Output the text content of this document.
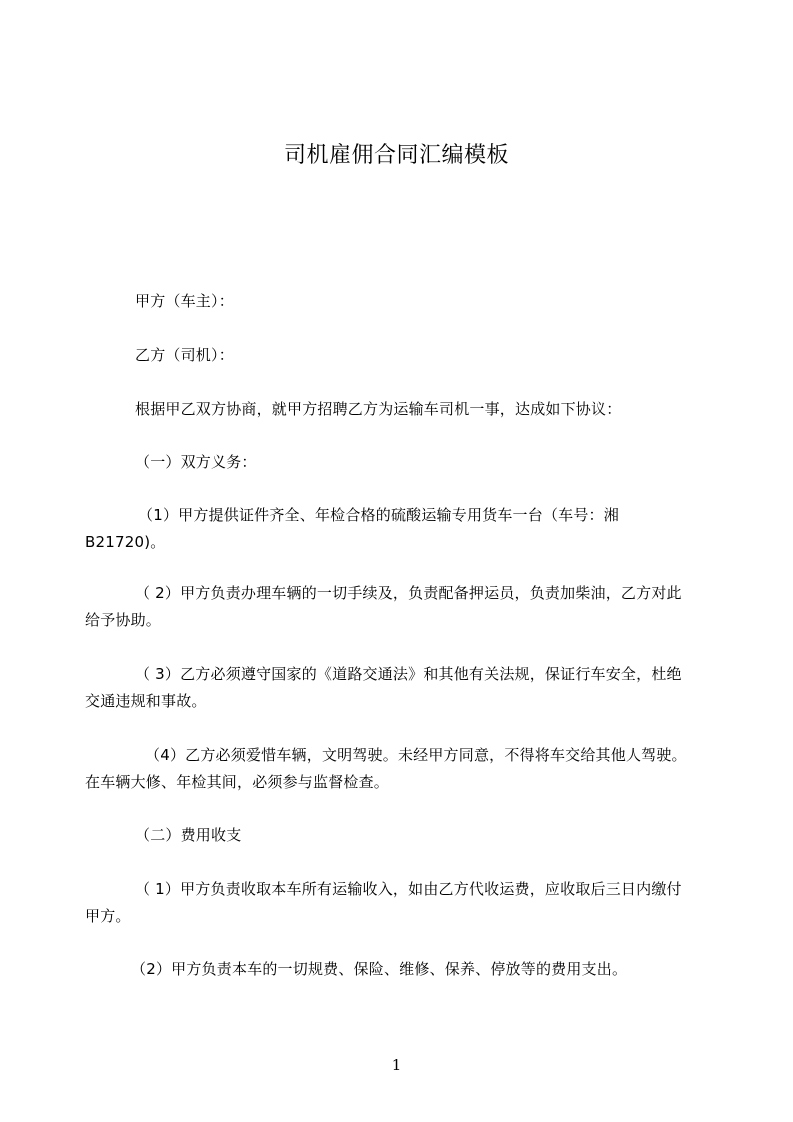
司机雇佣合同汇编模板
甲方（车主）：
乙方（司机）：
根据甲乙双方协商，就甲方招聘乙方为运输车司机一事，达成如下协议：
（一）双方义务：
（1）甲方提供证件齐全、年检合格的硫酸运输专用货车一台（车号：湘
B21720)。
（ 2）甲方负责办理车辆的一切手续及，负责配备押运员，负责加柴油，乙方对此
给予协助。
（ 3）乙方必须遵守国家的《道路交通法》和其他有关法规，保证行车安全，杜绝
交通违规和事故。
（4）乙方必须爱惜车辆，文明驾驶。未经甲方同意，不得将车交给其他人驾驶。
在车辆大修、年检其间，必须参与监督检查。
（二）费用收支
（ 1）甲方负责收取本车所有运输收入，如由乙方代收运费，应收取后三日内缴付
甲方。
（2）甲方负责本车的一切规费、保险、维修、保养、停放等的费用支出。
1
